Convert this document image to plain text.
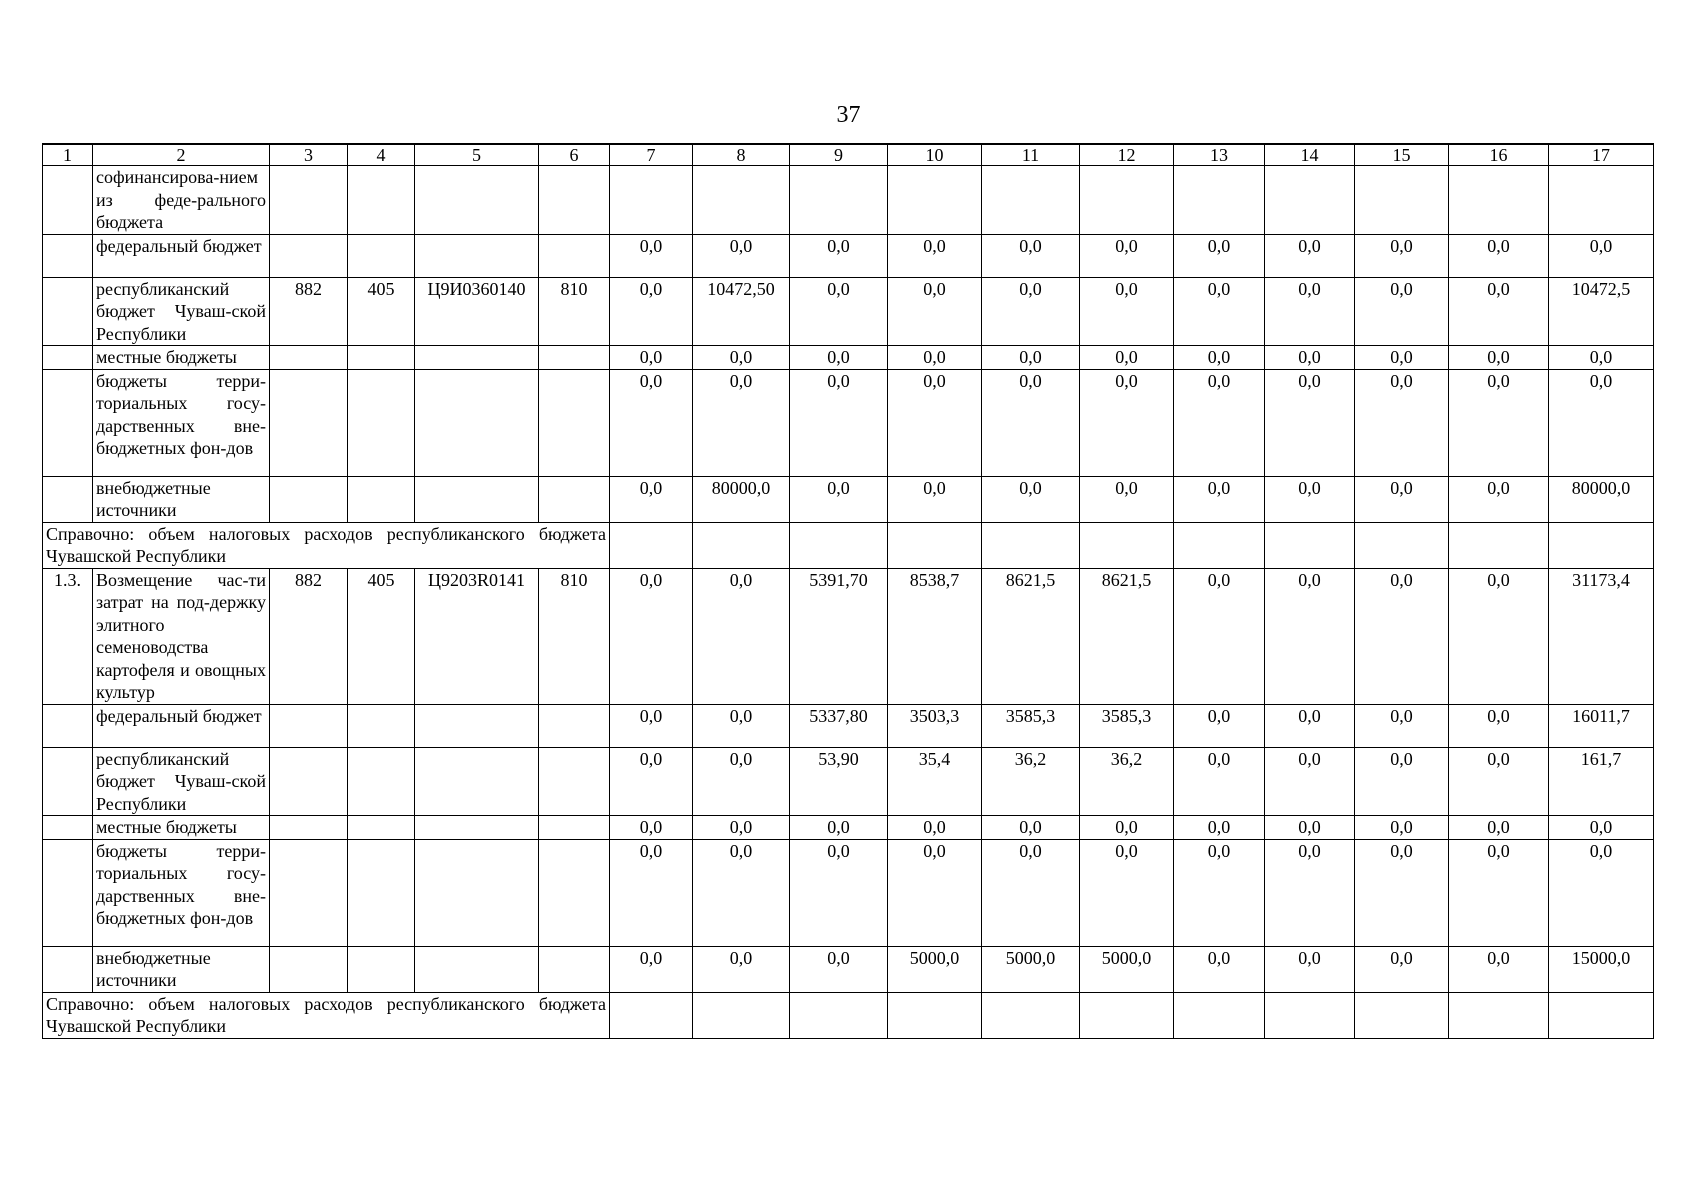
37
1	2	3	4	5	6	7	8	9	10	11	12	13	14	15	16	17
	софинансирова-нием из феде-рального бюджета															
	федеральный бюджет					0,0	0,0	0,0	0,0	0,0	0,0	0,0	0,0	0,0	0,0	0,0
	республиканский бюджет Чуваш-ской Республики	882	405	Ц9И0360140	810	0,0	10472,50	0,0	0,0	0,0	0,0	0,0	0,0	0,0	0,0	10472,5
	местные бюджеты					0,0	0,0	0,0	0,0	0,0	0,0	0,0	0,0	0,0	0,0	0,0
	бюджеты терри-ториальных госу-дарственных вне-бюджетных фон-дов					0,0	0,0	0,0	0,0	0,0	0,0	0,0	0,0	0,0	0,0	0,0
	внебюджетные источники					0,0	80000,0	0,0	0,0	0,0	0,0	0,0	0,0	0,0	0,0	80000,0
Справочно: объем налоговых расходов республиканского бюджета Чувашской Республики																
1.3.	Возмещение час-ти затрат на под-держку элитного семеноводства картофеля и овощных культур	882	405	Ц9203R0141	810	0,0	0,0	5391,70	8538,7	8621,5	8621,5	0,0	0,0	0,0	0,0	31173,4
	федеральный бюджет					0,0	0,0	5337,80	3503,3	3585,3	3585,3	0,0	0,0	0,0	0,0	16011,7
	республиканский бюджет Чуваш-ской Республики					0,0	0,0	53,90	35,4	36,2	36,2	0,0	0,0	0,0	0,0	161,7
	местные бюджеты					0,0	0,0	0,0	0,0	0,0	0,0	0,0	0,0	0,0	0,0	0,0
	бюджеты терри-ториальных госу-дарственных вне-бюджетных фон-дов					0,0	0,0	0,0	0,0	0,0	0,0	0,0	0,0	0,0	0,0	0,0
	внебюджетные источники					0,0	0,0	0,0	5000,0	5000,0	5000,0	0,0	0,0	0,0	0,0	15000,0
Справочно: объем налоговых расходов республиканского бюджета Чувашской Республики																
